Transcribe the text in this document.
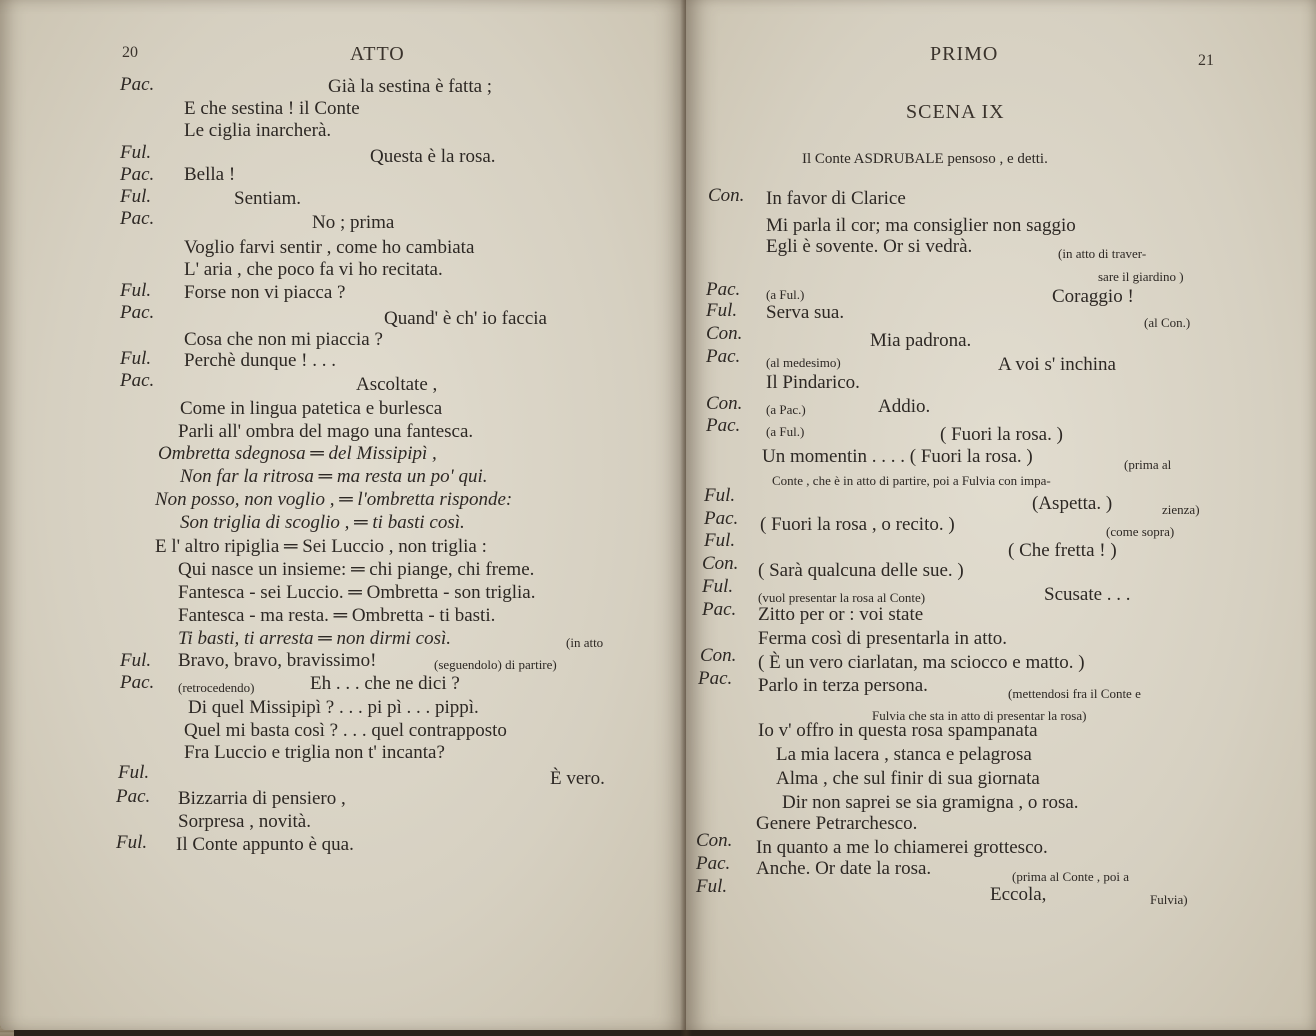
20	ATTO
Pac.	Già la sestina è fatta ;
E che sestina ! il Conte
Le ciglia inarcherà.
Ful.	Questa è la rosa.
Pac. Bella !
Ful.	Sentiam.
Pac.	No ; prima
Voglio farvi sentir , come ho cambiata
L' aria , che poco fa vi ho recitata.
Ful. Forse non vi piacca ?
Pac.	Quand' è ch' io faccia
Cosa che non mi piaccia ?
Ful. Perchè dunque ! . . .
Pac.	Ascoltate ,
Come in lingua patetica e burlesca
Parli all' ombra del mago una fantesca.
Ombretta sdegnosa ═ del Missipipì ,
Non far la ritrosa ═ ma resta un po' qui.
Non posso, non voglio , ═ l'ombretta risponde:
Son triglia di scoglio , ═ ti basti così.
E l' altro ripiglia ═ Sei Luccio , non triglia :
Qui nasce un insieme: ═ chi piange, chi freme.
Fantesca - sei Luccio. ═ Ombretta - son triglia.
Fantesca - ma resta. ═ Ombretta - ti basti.
Ti basti, ti arresta ═ non dirmi così.	(in atto
Ful. Bravo, bravo, bravissimo!	(seguendolo) di partire)
Pac. (retrocedendo)	Eh . . . che ne dici ?
Di quel Missipipì ? . . . pi pì . . . pippì.
Quel mi basta così ? . . . quel contrapposto
Fra Luccio e triglia non t' incanta?
Ful.	È vero.
Pac. Bizzarria di pensiero ,
Sorpresa , novità.
Ful. Il Conte appunto è qua.
PRIMO	21
SCENA IX
Il Conte ASDRUBALE pensoso , e detti.
Con. In favor di Clarice
Mi parla il cor; ma consiglier non saggio
Egli è sovente. Or si vedrà.	(in atto di traver-
sare il giardino )
Pac. (a Ful.)	Coraggio !
Ful. Serva sua.	(al Con.)
Con.	Mia padrona.
Pac. (al medesimo)	A voi s' inchina
Il Pindarico.
Con. (a Pac.)	Addio.
Pac. (a Ful.)	( Fuori la rosa. )
Un momentin . . . . ( Fuori la rosa. )	(prima al
Conte , che è in atto di partire, poi a Fulvia con impa-
Ful.	(Aspetta. )	zienza)
Pac. ( Fuori la rosa , o recito. )	(come sopra)
Ful.	( Che fretta ! )
Con. ( Sarà qualcuna delle sue. )
Ful.
(vuol presentar la rosa al Conte)	Scusate . . .
Pac. Zitto per or : voi state
Ferma così di presentarla in atto.
Con. ( È un vero ciarlatan, ma sciocco e matto. )
Pac. Parlo in terza persona.	(mettendosi fra il Conte e
Fulvia che sta in atto di presentar la rosa)
Io v' offro in questa rosa spampanata
La mia lacera , stanca e pelagrosa
Alma , che sul finir di sua giornata
Dir non saprei se sia gramigna , o rosa.
Genere Petrarchesco.
Con. In quanto a me lo chiamerei grottesco.
Pac. Anche. Or date la rosa.	(prima al Conte , poi a
Ful.	Eccola,	Fulvia)
